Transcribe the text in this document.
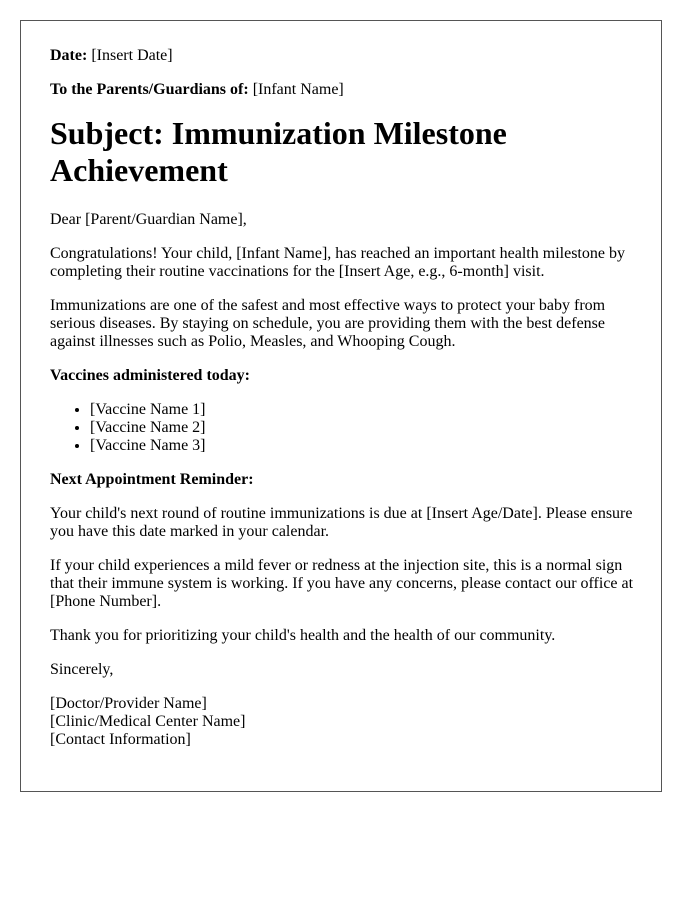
Date: [Insert Date]

To the Parents/Guardians of: [Infant Name]

Subject: Immunization Milestone Achievement

Dear [Parent/Guardian Name],

Congratulations! Your child, [Infant Name], has reached an important health milestone by completing their routine vaccinations for the [Insert Age, e.g., 6-month] visit.

Immunizations are one of the safest and most effective ways to protect your baby from serious diseases. By staying on schedule, you are providing them with the best defense against illnesses such as Polio, Measles, and Whooping Cough.

Vaccines administered today:

• [Vaccine Name 1]
• [Vaccine Name 2]
• [Vaccine Name 3]

Next Appointment Reminder:

Your child's next round of routine immunizations is due at [Insert Age/Date]. Please ensure you have this date marked in your calendar.

If your child experiences a mild fever or redness at the injection site, this is a normal sign that their immune system is working. If you have any concerns, please contact our office at [Phone Number].

Thank you for prioritizing your child's health and the health of our community.

Sincerely,

[Doctor/Provider Name]
[Clinic/Medical Center Name]
[Contact Information]
